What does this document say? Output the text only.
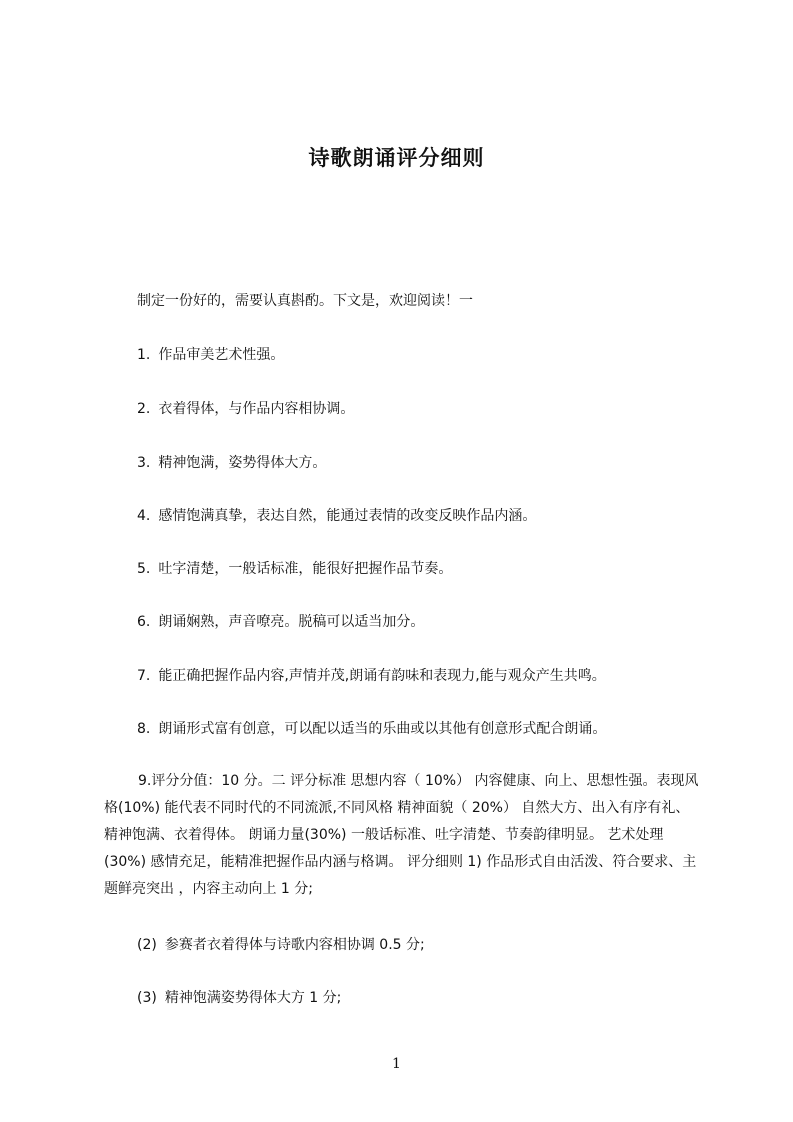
诗歌朗诵评分细则

制定一份好的，需要认真斟酌。下文是，欢迎阅读！一

1. 作品审美艺术性强。

2. 衣着得体，与作品内容相协调。

3. 精神饱满，姿势得体大方。

4. 感情饱满真挚，表达自然，能通过表情的改变反映作品内涵。

5. 吐字清楚，一般话标准，能很好把握作品节奏。

6. 朗诵娴熟，声音嘹亮。脱稿可以适当加分。

7. 能正确把握作品内容,声情并茂,朗诵有韵味和表现力,能与观众产生共鸣。

8. 朗诵形式富有创意，可以配以适当的乐曲或以其他有创意形式配合朗诵。

9.评分分值：10 分。二 评分标准 思想内容（ 10%） 内容健康、向上、思想性强。表现风格(10%) 能代表不同时代的不同流派,不同风格 精神面貌（ 20%） 自然大方、出入有序有礼、精神饱满、衣着得体。 朗诵力量(30%) 一般话标准、吐字清楚、节奏韵律明显。 艺术处理(30%) 感情充足，能精准把握作品内涵与格调。 评分细则 1) 作品形式自由活泼、符合要求、主题鲜亮突出 ，内容主动向上 1 分;

(2) 参赛者衣着得体与诗歌内容相协调 0.5 分;

(3) 精神饱满姿势得体大方 1 分;

1
